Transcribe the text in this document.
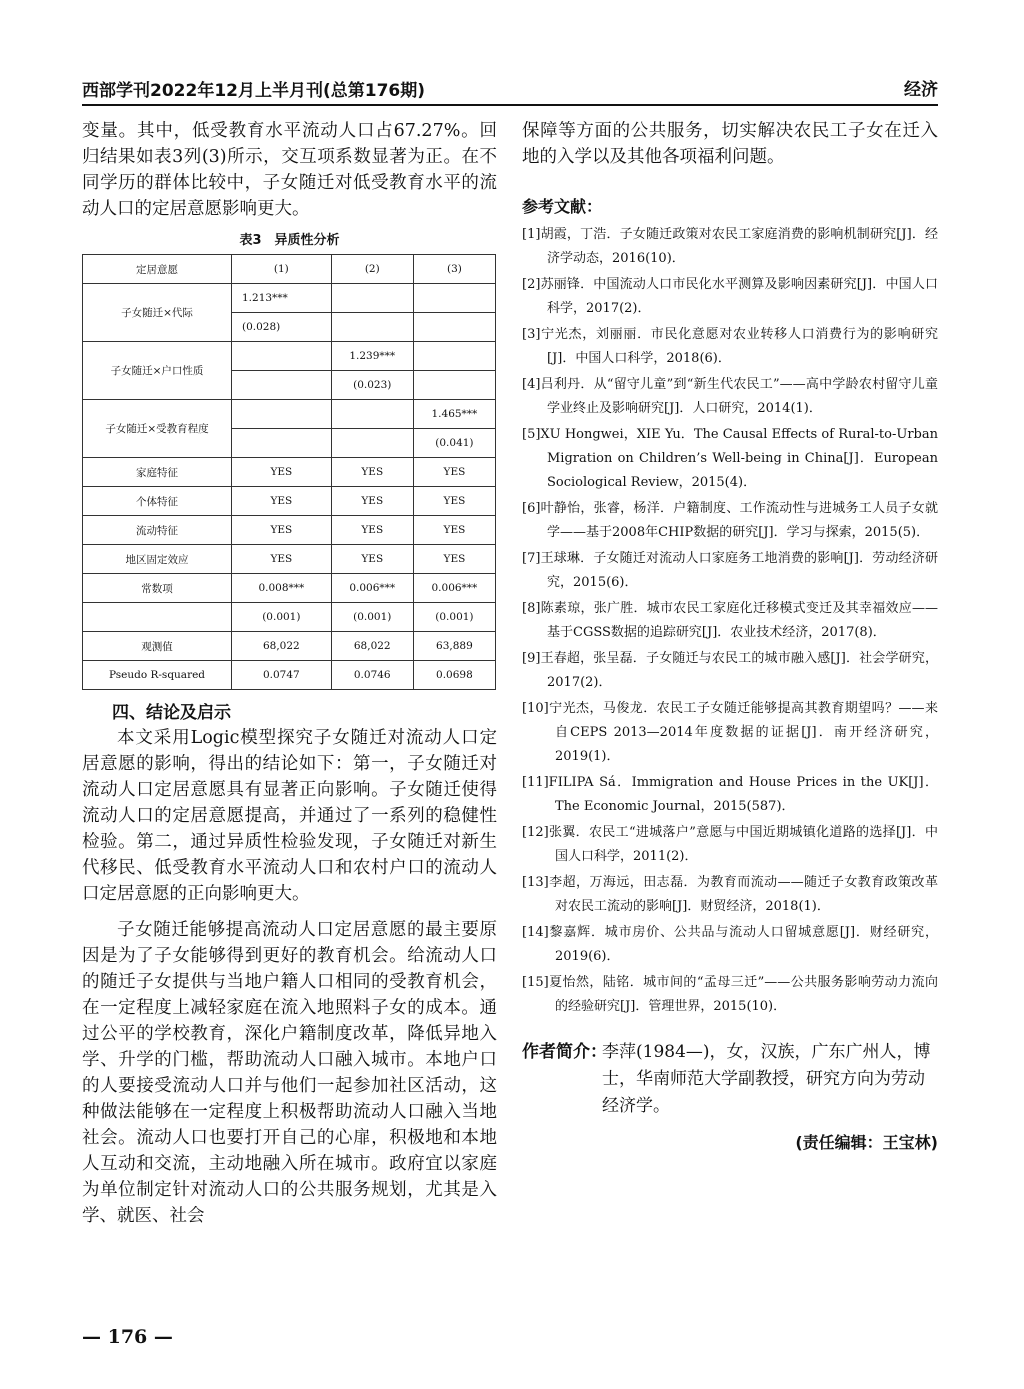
西部学刊2022年12月上半月刊(总第176期)	经济

变量。其中，低受教育水平流动人口占67.27%。回归结果如表3列(3)所示，交互项系数显著为正。在不同学历的群体比较中，子女随迁对低受教育水平的流动人口的定居意愿影响更大。

表3　异质性分析
定居意愿	(1)	(2)	(3)
子女随迁×代际	1.213***		
	(0.028)		
子女随迁×户口性质		1.239***	
		(0.023)	
子女随迁×受教育程度			1.465***
			(0.041)
家庭特征	YES	YES	YES
个体特征	YES	YES	YES
流动特征	YES	YES	YES
地区固定效应	YES	YES	YES
常数项	0.008***	0.006***	0.006***
	(0.001)	(0.001)	(0.001)
观测值	68,022	68,022	63,889
Pseudo R-squared	0.0747	0.0746	0.0698
四、结论及启示

本文采用Logic模型探究子女随迁对流动人口定居意愿的影响，得出的结论如下：第一，子女随迁对流动人口定居意愿具有显著正向影响。子女随迁使得流动人口的定居意愿提高，并通过了一系列的稳健性检验。第二，通过异质性检验发现，子女随迁对新生代移民、低受教育水平流动人口和农村户口的流动人口定居意愿的正向影响更大。

子女随迁能够提高流动人口定居意愿的最主要原因是为了子女能够得到更好的教育机会。给流动人口的随迁子女提供与当地户籍人口相同的受教育机会，在一定程度上减轻家庭在流入地照料子女的成本。通过公平的学校教育，深化户籍制度改革，降低异地入学、升学的门槛，帮助流动人口融入城市。本地户口的人要接受流动人口并与他们一起参加社区活动，这种做法能够在一定程度上积极帮助流动人口融入当地社会。流动人口也要打开自己的心扉，积极地和本地人互动和交流，主动地融入所在城市。政府宜以家庭为单位制定针对流动人口的公共服务规划，尤其是入学、就医、社会

保障等方面的公共服务，切实解决农民工子女在迁入地的入学以及其他各项福利问题。

参考文献：

[1]胡霞，丁浩．子女随迁政策对农民工家庭消费的影响机制研究[J]．经济学动态，2016(10)．

[2]苏丽锋．中国流动人口市民化水平测算及影响因素研究[J]．中国人口科学，2017(2)．

[3]宁光杰，刘丽丽．市民化意愿对农业转移人口消费行为的影响研究[J]．中国人口科学，2018(6)．

[4]吕利丹．从“留守儿童”到“新生代农民工”——高中学龄农村留守儿童学业终止及影响研究[J]．人口研究，2014(1)．

[5]XU Hongwei，XIE Yu．The Causal Effects of Rural-to-Urban Migration on Children’s Well-being in China[J]．European Sociological Review，2015(4)．

[6]叶静怡，张睿，杨洋．户籍制度、工作流动性与进城务工人员子女就学——基于2008年CHIP数据的研究[J]．学习与探索，2015(5)．

[7]王球琳．子女随迁对流动人口家庭务工地消费的影响[J]．劳动经济研究，2015(6)．

[8]陈素琼，张广胜．城市农民工家庭化迁移模式变迁及其幸福效应——基于CGSS数据的追踪研究[J]．农业技术经济，2017(8)．

[9]王春超，张呈磊．子女随迁与农民工的城市融入感[J]．社会学研究，2017(2)．

[10]宁光杰，马俊龙．农民工子女随迁能够提高其教育期望吗？——来自CEPS 2013—2014年度数据的证据[J]．南开经济研究，2019(1)．

[11]FILIPA Sá．Immigration and House Prices in the UK[J]．The Economic Journal，2015(587)．

[12]张翼．农民工“进城落户”意愿与中国近期城镇化道路的选择[J]．中国人口科学，2011(2)．

[13]李超，万海远，田志磊．为教育而流动——随迁子女教育政策改革对农民工流动的影响[J]．财贸经济，2018(1)．

[14]黎嘉辉．城市房价、公共品与流动人口留城意愿[J]．财经研究，2019(6)．

[15]夏怡然，陆铭．城市间的“孟母三迁”——公共服务影响劳动力流向的经验研究[J]．管理世界，2015(10)．

作者简介：
李萍(1984—)，女，汉族，广东广州人，博士，华南师范大学副教授，研究方向为劳动经济学。
(责任编辑：王宝林)
— 176 —
